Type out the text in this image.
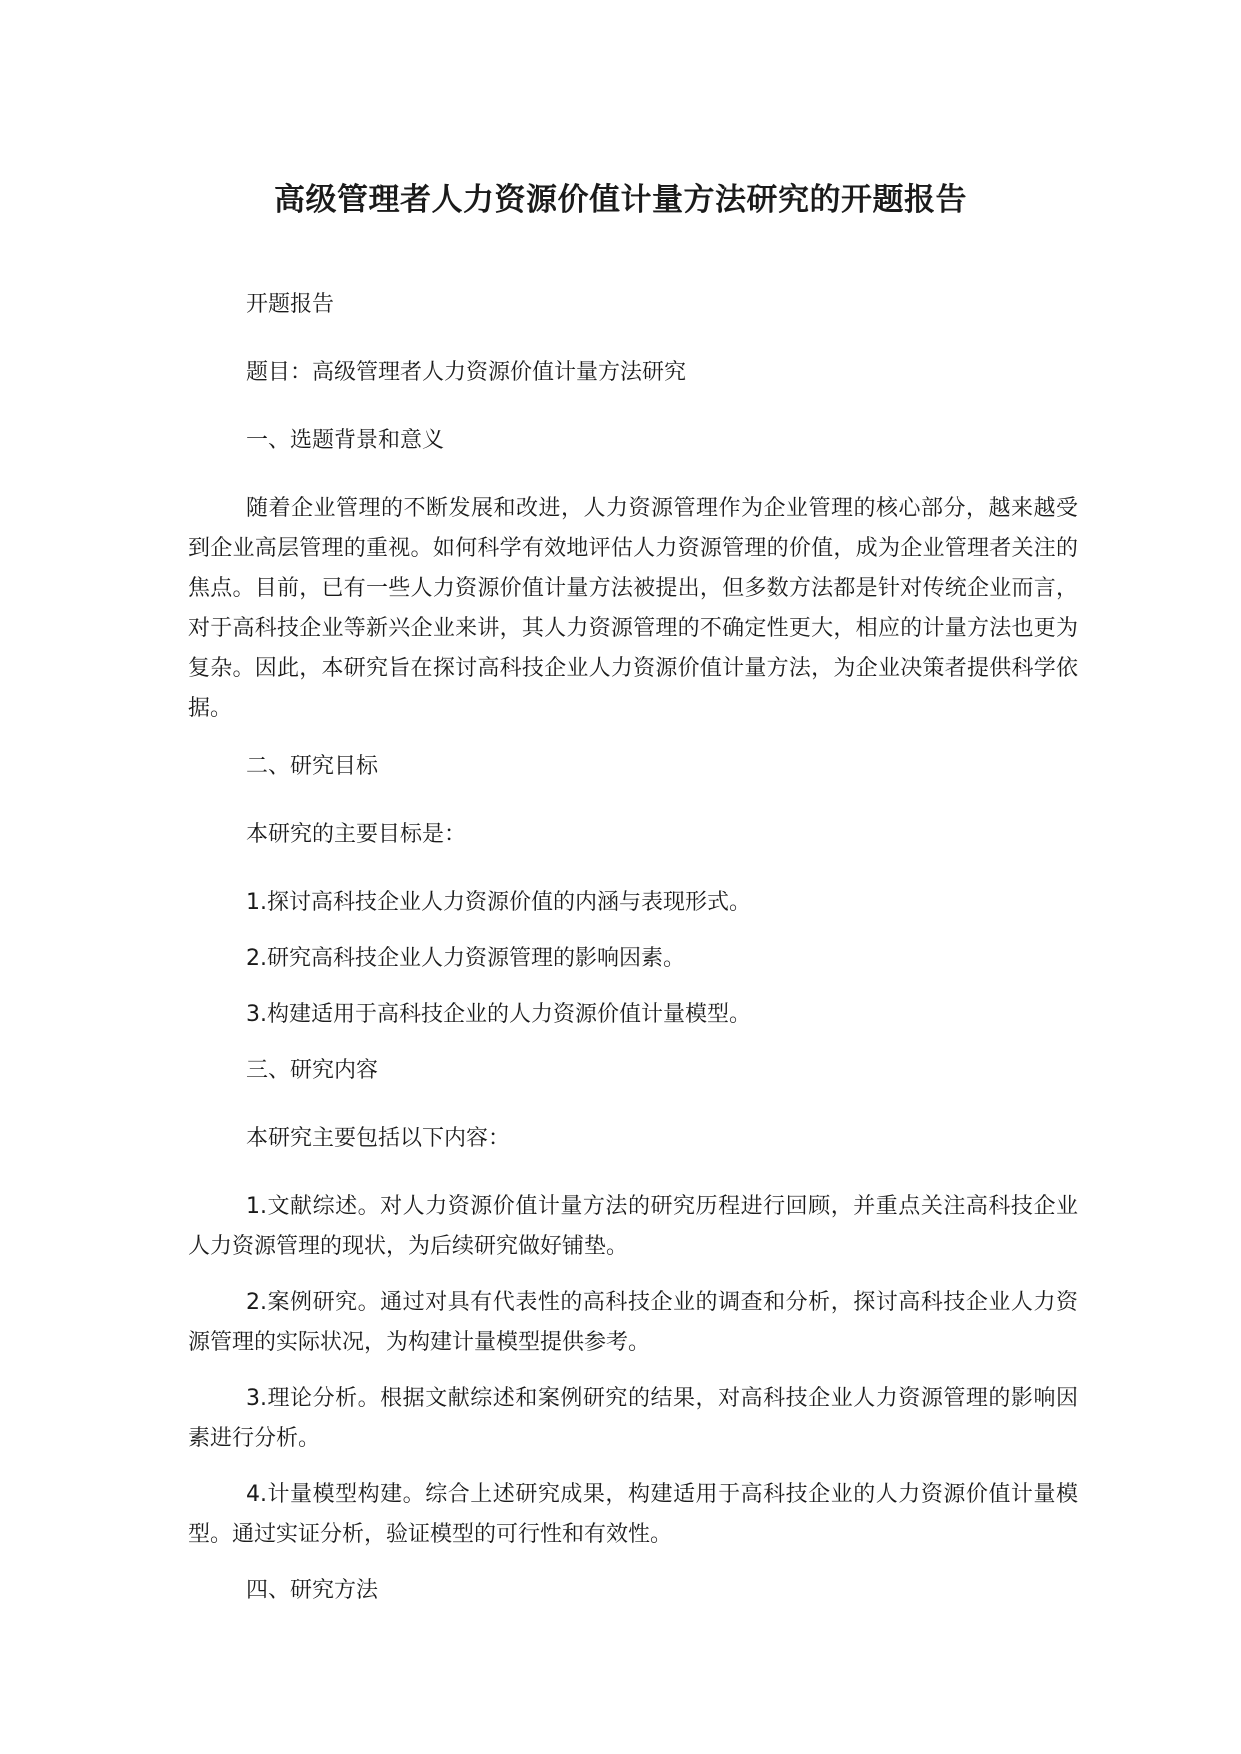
高级管理者人力资源价值计量方法研究的开题报告

开题报告

题目：高级管理者人力资源价值计量方法研究

一、选题背景和意义

随着企业管理的不断发展和改进，人力资源管理作为企业管理的核心部分，越来越受到企业高层管理的重视。如何科学有效地评估人力资源管理的价值，成为企业管理者关注的焦点。目前，已有一些人力资源价值计量方法被提出，但多数方法都是针对传统企业而言，对于高科技企业等新兴企业来讲，其人力资源管理的不确定性更大，相应的计量方法也更为复杂。因此，本研究旨在探讨高科技企业人力资源价值计量方法，为企业决策者提供科学依据。

二、研究目标

本研究的主要目标是：

1.探讨高科技企业人力资源价值的内涵与表现形式。

2.研究高科技企业人力资源管理的影响因素。

3.构建适用于高科技企业的人力资源价值计量模型。

三、研究内容

本研究主要包括以下内容：

1.文献综述。对人力资源价值计量方法的研究历程进行回顾，并重点关注高科技企业人力资源管理的现状，为后续研究做好铺垫。

2.案例研究。通过对具有代表性的高科技企业的调查和分析，探讨高科技企业人力资源管理的实际状况，为构建计量模型提供参考。

3.理论分析。根据文献综述和案例研究的结果，对高科技企业人力资源管理的影响因素进行分析。

4.计量模型构建。综合上述研究成果，构建适用于高科技企业的人力资源价值计量模型。通过实证分析，验证模型的可行性和有效性。

四、研究方法
